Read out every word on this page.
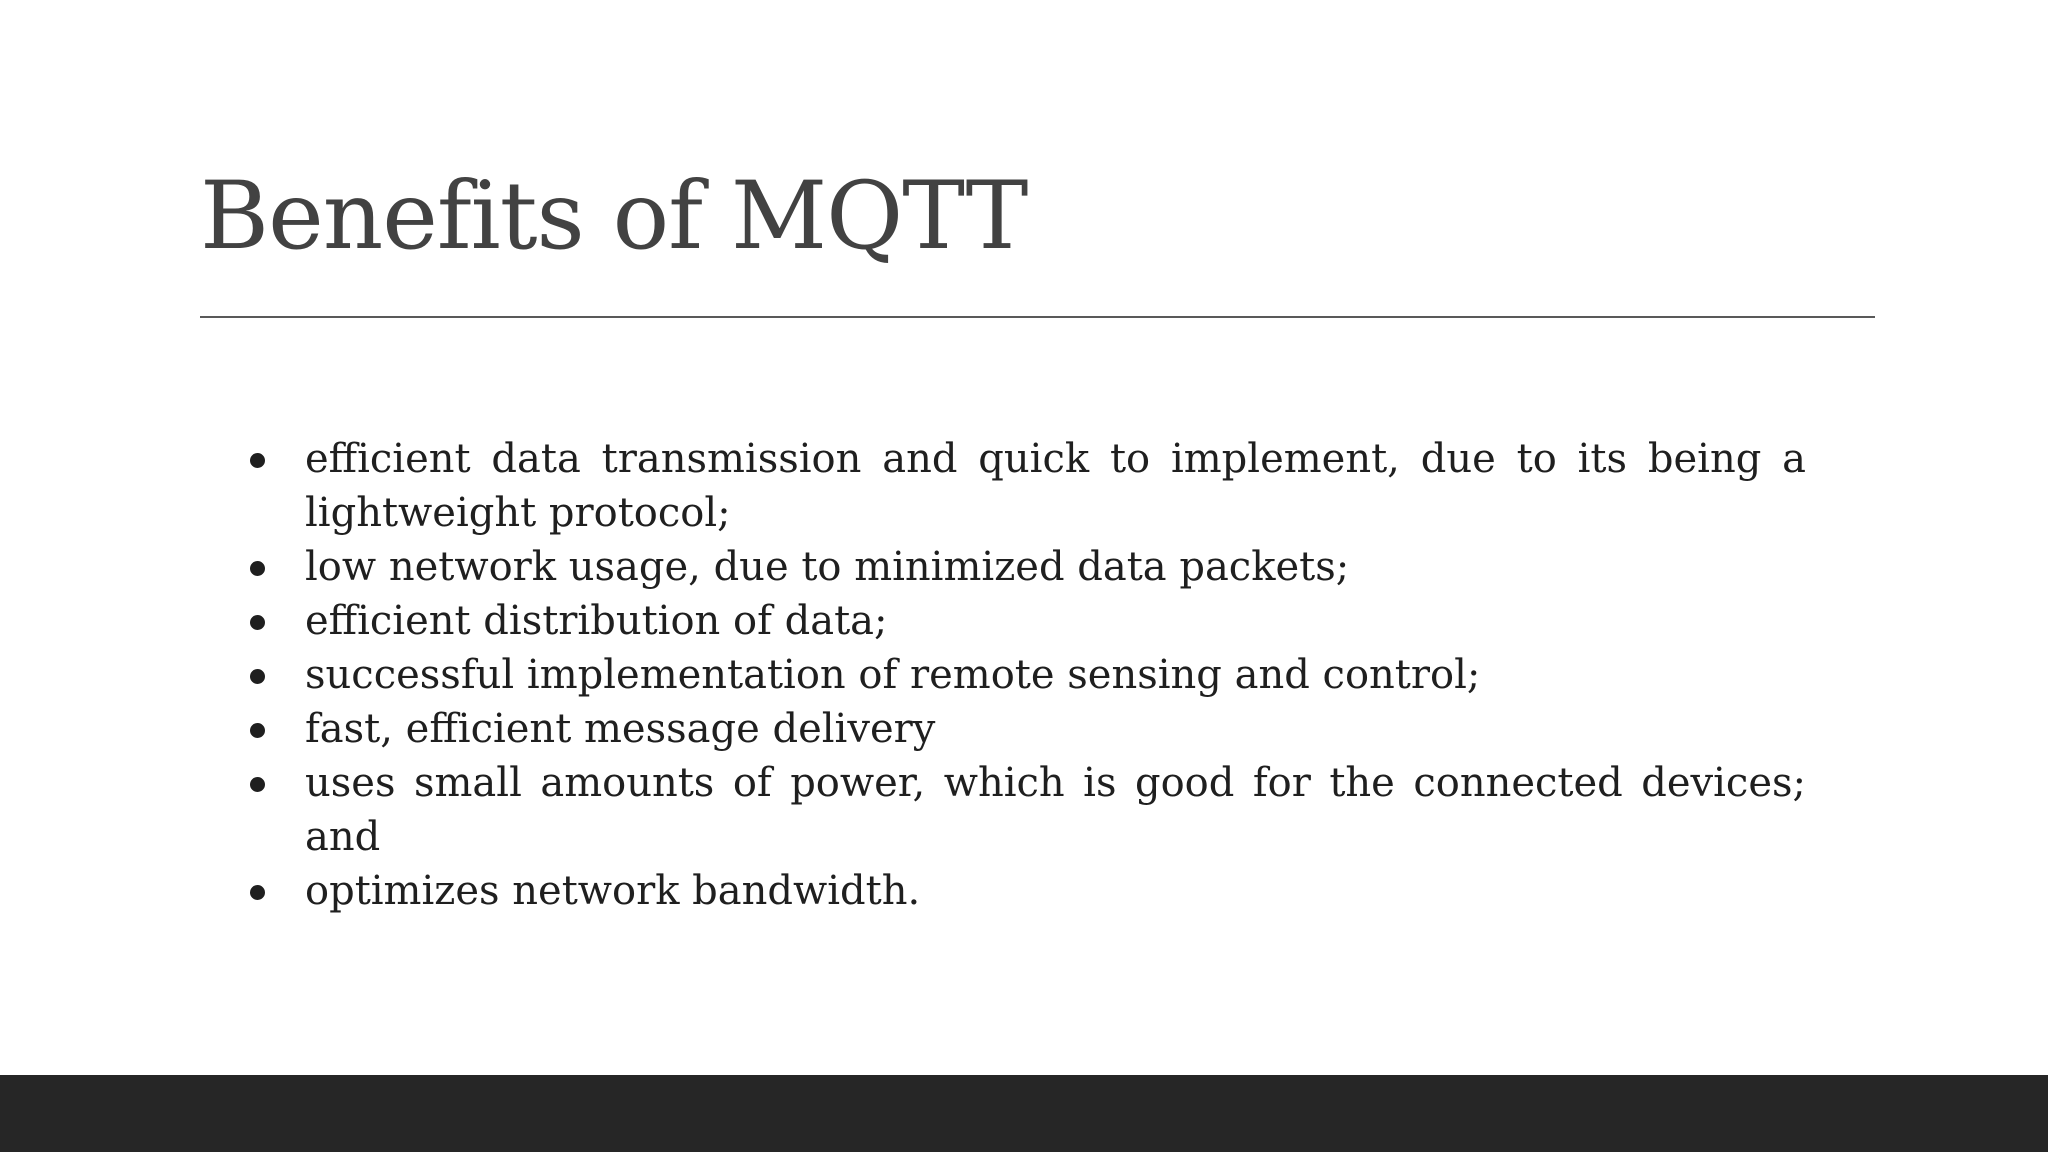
Benefits of MQTT
efficient data transmission and quick to implement, due to its being a lightweight protocol;
low network usage, due to minimized data packets;
efficient distribution of data;
successful implementation of remote sensing and control;
fast, efficient message delivery
uses small amounts of power, which is good for the connected devices; and
optimizes network bandwidth.
